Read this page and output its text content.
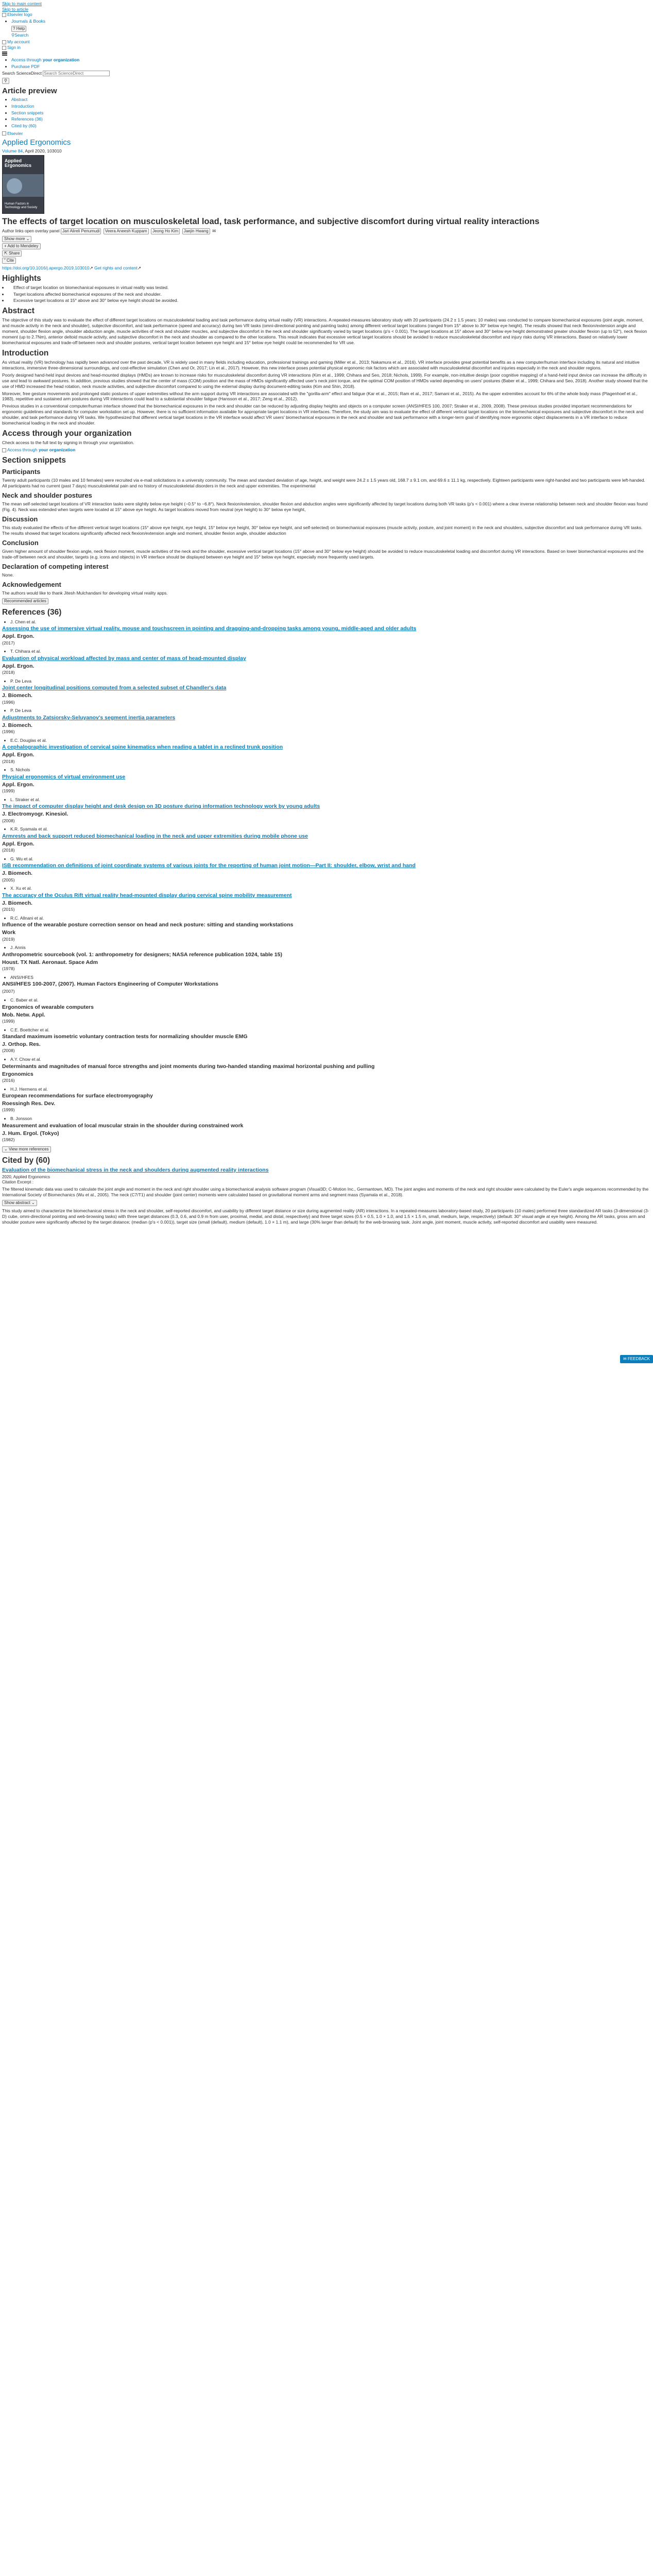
Skip to main content
Skip to article
Elsevier logo
• Journals & Books
? Help
⚲Search
My account
Sign in
• Access through your organization
• Purchase PDF
Search ScienceDirect Search ScienceDirect
⚲
Article preview
• Abstract
• Introduction
• Section snippets
• References (36)
• Cited by (60)
Elsevier
Applied Ergonomics
Volume 84, April 2020, 103010
Applied Ergonomics
Human Factors in Technology and Society
The effects of target location on musculoskeletal load, task performance, and subjective discomfort during virtual reality interactions
Author links open overlay panel Jari Alireli Penumudi Veera Aneesh Kuppam Jeong Ho Kim Jaejin Hwang ✉
Show more ⌄
+ Add to Mendeley
⇱ Share
” Cite
https://doi.org/10.1016/j.apergo.2019.103010↗ Get rights and content↗
Highlights
• Effect of target location on biomechanical exposures in virtual reality was tested.
• Target locations affected biomechanical exposures of the neck and shoulder.
• Excessive target locations at 15° above and 30° below eye height should be avoided.
Abstract

The objective of this study was to evaluate the effect of different target locations on musculoskeletal loading and task performance during virtual reality (VR) interactions. A repeated-measures laboratory study with 20 participants (24.2 ± 1.5 years; 10 males) was conducted to compare biomechanical exposures (joint angle, moment, and muscle activity in the neck and shoulder), subjective discomfort, and task performance (speed and accuracy) during two VR tasks (omni-directional pointing and painting tasks) among different vertical target locations (ranged from 15° above to 30° below eye height). The results showed that neck flexion/extension angle and moment, shoulder flexion angle, shoulder abduction angle, muscle activities of neck and shoulder muscles, and subjective discomfort in the neck and shoulder significantly varied by target locations (p's < 0.001). The target locations at 15° above and 30° below eye height demonstrated greater shoulder flexion (up to 52°), neck flexion moment (up to 2.7Nm), anterior deltoid muscle activity, and subjective discomfort in the neck and shoulder as compared to the other locations. This result indicates that excessive vertical target locations should be avoided to reduce musculoskeletal discomfort and injury risks during VR interactions. Based on relatively lower biomechanical exposures and trade-off between neck and shoulder postures, vertical target location between eye height and 15° below eye height could be recommended for VR use.

Introduction

As virtual reality (VR) technology has rapidly been advanced over the past decade, VR is widely used in many fields including education, professional trainings and gaming (Miller et al., 2013; Nakamura et al., 2016). VR interface provides great potential benefits as a new computer/human interface including its natural and intuitive interactions, immersive three-dimensional surroundings, and cost-effective simulation (Chen and Or, 2017; Lin et al., 2017). However, this new interface poses potential physical ergonomic risk factors which are associated with musculoskeletal discomfort and injuries especially in the neck and shoulder regions.

Poorly designed hand-held input devices and head-mounted displays (HMDs) are known to increase risks for musculoskeletal discomfort during VR interactions (Kim et al., 1999; Chihara and Seo, 2018; Nichols, 1999). For example, non-intuitive design (poor cognitive mapping) of a hand-held input device can increase the difficulty in use and lead to awkward postures. In addition, previous studies showed that the center of mass (COM) position and the mass of HMDs significantly affected user's neck joint torque, and the optimal COM position of HMDs varied depending on users' postures (Baber et al., 1999; Chihara and Seo, 2018). Another study showed that the use of HMD increased the head rotation, neck muscle activities, and subjective discomfort compared to using the external display during document-editing tasks (Kim and Shin, 2018).

Moreover, free gesture movements and prolonged static postures of upper extremities without the arm support during VR interactions are associated with the "gorilla-arm" effect and fatigue (Kar et al., 2015; Ram et al., 2017; Samani et al., 2015). As the upper extremities account for 6% of the whole body mass (Plagenhoef et al., 1983), repetitive and sustained arm postures during VR interactions could lead to a substantial shoulder fatigue (Hansson et al., 2017; Zeng et al., 2012).

Previous studies in a conventional computer/human interface showed that the biomechanical exposures in the neck and shoulder can be reduced by adjusting display heights and objects on a computer screen (ANSI/HFES 100, 2007; Straker et al., 2009, 2008). These previous studies provided important recommendations for ergonomic guidelines and standards for computer workstation set up. However, there is no sufficient information available for appropriate target locations in VR interfaces. Therefore, the study aim was to evaluate the effect of different vertical target locations on the biomechanical exposures and subjective discomfort in the neck and shoulder, and task performance during VR tasks. We hypothesized that different vertical target locations in the VR interface would affect VR users' biomechanical exposures in the neck and shoulder and task performance with a longer-term goal of identifying more ergonomic object displacements in a VR interface to reduce biomechanical loading in the neck and shoulder.

Access through your organization

Check access to the full text by signing in through your organization.

Access through your organization
Section snippets
Participants

Twenty adult participants (10 males and 10 females) were recruited via e-mail solicitations in a university community. The mean and standard deviation of age, height, and weight were 24.2 ± 1.5 years old, 168.7 ± 9.1 cm, and 69.6 ± 11.1 kg, respectively. Eighteen participants were right-handed and two participants were left-handed. All participants had no current (past 7 days) musculoskeletal pain and no history of musculoskeletal disorders in the neck and upper extremities. The experimental

Neck and shoulder postures

The mean self-selected target locations of VR interaction tasks were slightly below eye height (−0.5° to −6.8°). Neck flexion/extension, shoulder flexion and abduction angles were significantly affected by target locations during both VR tasks (p's < 0.001) where a clear inverse relationship between neck and shoulder flexion was found (Fig. 4). Neck was extended when targets were located at 15° above eye height. As target locations moved from neutral (eye height) to 30° below eye height,

Discussion

This study evaluated the effects of five different vertical target locations (15° above eye height, eye height, 15° below eye height, 30° below eye height, and self-selected) on biomechanical exposures (muscle activity, posture, and joint moment) in the neck and shoulders, subjective discomfort and task performance during VR tasks. The results showed that target locations significantly affected neck flexion/extension angle and moment, shoulder flexion angle, shoulder abduction

Conclusion

Given higher amount of shoulder flexion angle, neck flexion moment, muscle activities of the neck and the shoulder, excessive vertical target locations (15° above and 30° below eye height) should be avoided to reduce musculoskeletal loading and discomfort during VR interactions. Based on lower biomechanical exposures and the trade-off between neck and shoulder, targets (e.g. icons and objects) in VR interface should be displayed between eye height and 15° below eye height, especially more frequently used targets.

Declaration of competing interest

None.

Acknowledgement

The authors would like to thank Jitesh Mulchandani for developing virtual reality apps.

Recommended articles
References (36)
J. Chen et al.
Assessing the use of immersive virtual reality, mouse and touchscreen in pointing and dragging-and-dropping tasks among young, middle-aged and older adults
Appl. Ergon.
(2017)
T. Chihara et al.
Evaluation of physical workload affected by mass and center of mass of head-mounted display
Appl. Ergon.
(2018)
P. De Leva
Joint center longitudinal positions computed from a selected subset of Chandler's data
J. Biomech.
(1996)
P. De Leva
Adjustments to Zatsiorsky-Seluyanov's segment inertia parameters
J. Biomech.
(1996)
E.C. Douglas et al.
A cephalographic investigation of cervical spine kinematics when reading a tablet in a reclined trunk position
Appl. Ergon.
(2018)
S. Nichols
Physical ergonomics of virtual environment use
Appl. Ergon.
(1999)
L. Straker et al.
The impact of computer display height and desk design on 3D posture during information technology work by young adults
J. Electromyogr. Kinesiol.
(2008)
K.R. Syamala et al.
Armrests and back support reduced biomechanical loading in the neck and upper extremities during mobile phone use
Appl. Ergon.
(2018)
G. Wu et al.
ISB recommendation on definitions of joint coordinate systems of various joints for the reporting of human joint motion—Part II: shoulder, elbow, wrist and hand
J. Biomech.
(2005)
X. Xu et al.
The accuracy of the Oculus Rift virtual reality head-mounted display during cervical spine mobility measurement
J. Biomech.
(2015)
R.C. Allnani et al.
Influence of the wearable posture correction sensor on head and neck posture: sitting and standing workstations
Work
(2019)
J. Annis
Anthropometric sourcebook (vol. 1: anthropometry for designers; NASA reference publication 1024, table 15)
Houst. TX Natl. Aeronaut. Space Adm
(1978)
ANSI/HFES
ANSI/HFES 100-2007, (2007). Human Factors Engineering of Computer Workstations
(2007)
C. Baber et al.
Ergonomics of wearable computers
Mob. Netw. Appl.
(1999)
C.E. Boettcher et al.
Standard maximum isometric voluntary contraction tests for normalizing shoulder muscle EMG
J. Orthop. Res.
(2008)
A.Y. Chow et al.
Determinants and magnitudes of manual force strengths and joint moments during two-handed standing maximal horizontal pushing and pulling
Ergonomics
(2016)
H.J. Hermens et al.
European recommendations for surface electromyography
Roessingh Res. Dev.
(1999)
B. Jonsson
Measurement and evaluation of local muscular strain in the shoulder during constrained work
J. Hum. Ergol. (Tokyo)
(1982)
⌄ View more references
Cited by (60)
Evaluation of the biomechanical stress in the neck and shoulders during augmented reality interactions
2020, Applied Ergonomics
Citation Excerpt :

The filtered kinematic data was used to calculate the joint angle and moment in the neck and right shoulder using a biomechanical analysis software program (Visual3D; C-Motion Inc., Germantown, MD). The joint angles and moments of the neck and right shoulder were calculated by the Euler's angle sequences recommended by the International Society of Biomechanics (Wu et al., 2005). The neck (C7/T1) and shoulder (joint center) moments were calculated based on gravitational moment arms and segment mass (Syamala et al., 2018).

Show abstract ⌄

This study aimed to characterize the biomechanical stress in the neck and shoulder, self-reported discomfort, and usability by different target distance or size during augmented reality (AR) interactions. In a repeated-measures laboratory-based study, 20 participants (10 males) performed three standardized AR tasks (3-dimensional (3-D) cube, omni-directional pointing and web-browsing tasks) with three target distances (0.3, 0.6, and 0.9 m from user, proximal, medial, and distal, respectively) and three target sizes (0.5 × 0.5, 1.0 × 1.0, and 1.5 × 1.5 m, small, medium, large, respectively) (default: 30° visual angle at eye height). Among the AR tasks, gross arm and shoulder posture were significantly affected by the target distance; (median (p's < 0.001)), target size (small (default), medium (default), 1.0 × 1.1 m), and large (30% larger than default) for the web-browsing task. Joint angle, joint moment, muscle activity, self-reported discomfort and usability were measured.

✉ FEEDBACK
